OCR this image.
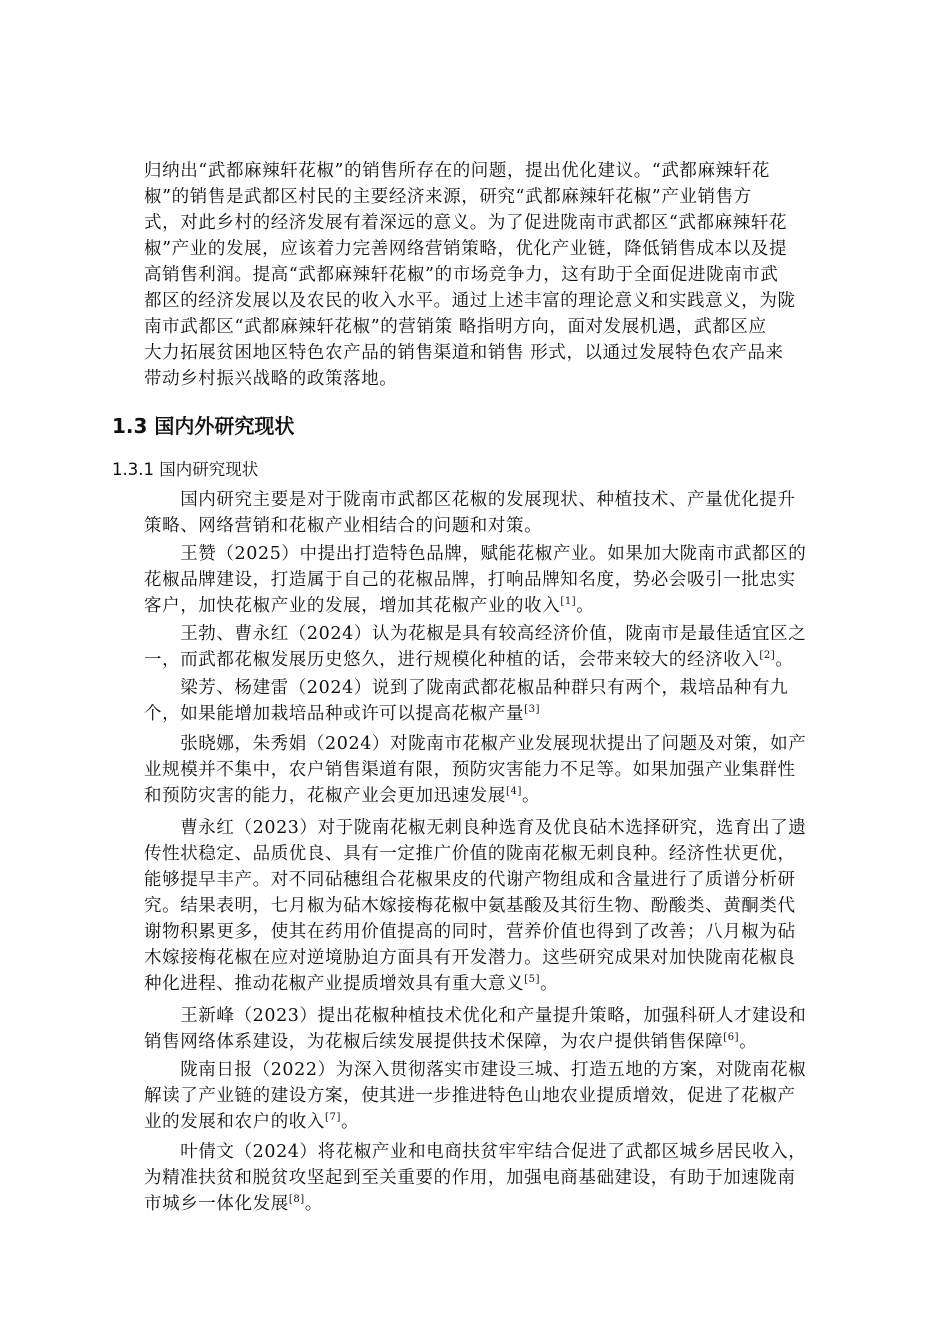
归纳出“武都麻辣轩花椒”的销售所存在的问题，提出优化建议。“武都麻辣轩花
椒”的销售是武都区村民的主要经济来源，研究“武都麻辣轩花椒”产业销售方
式，对此乡村的经济发展有着深远的意义。为了促进陇南市武都区“武都麻辣轩花
椒”产业的发展，应该着力完善网络营销策略，优化产业链，降低销售成本以及提
高销售利润。提高“武都麻辣轩花椒”的市场竞争力，这有助于全面促进陇南市武
都区的经济发展以及农民的收入水平。通过上述丰富的理论意义和实践意义，为陇
南市武都区“武都麻辣轩花椒”的营销策 略指明方向，面对发展机遇，武都区应
大力拓展贫困地区特色农产品的销售渠道和销售 形式，以通过发展特色农产品来
带动乡村振兴战略的政策落地。
1.3 国内外研究现状
1.3.1 国内研究现状
　　国内研究主要是对于陇南市武都区花椒的发展现状、种植技术、产量优化提升
策略、网络营销和花椒产业相结合的问题和对策。
　　王赞（2025）中提出打造特色品牌，赋能花椒产业。如果加大陇南市武都区的
花椒品牌建设，打造属于自己的花椒品牌，打响品牌知名度，势必会吸引一批忠实
客户，加快花椒产业的发展，增加其花椒产业的收入[1]。
　　王勃、曹永红（2024）认为花椒是具有较高经济价值，陇南市是最佳适宜区之
一，而武都花椒发展历史悠久，进行规模化种植的话，会带来较大的经济收入[2]。
　　梁芳、杨建雷（2024）说到了陇南武都花椒品种群只有两个，栽培品种有九
个，如果能增加栽培品种或许可以提高花椒产量[3]
　　张晓娜，朱秀娟（2024）对陇南市花椒产业发展现状提出了问题及对策，如产
业规模并不集中，农户销售渠道有限，预防灾害能力不足等。如果加强产业集群性
和预防灾害的能力，花椒产业会更加迅速发展[4]。
　　曹永红（2023）对于陇南花椒无刺良种选育及优良砧木选择研究，选育出了遗
传性状稳定、品质优良、具有一定推广价值的陇南花椒无刺良种。经济性状更优，
能够提早丰产。对不同砧穗组合花椒果皮的代谢产物组成和含量进行了质谱分析研
究。结果表明，七月椒为砧木嫁接梅花椒中氨基酸及其衍生物、酚酸类、黄酮类代
谢物积累更多，使其在药用价值提高的同时，营养价值也得到了改善；八月椒为砧
木嫁接梅花椒在应对逆境胁迫方面具有开发潜力。这些研究成果对加快陇南花椒良
种化进程、推动花椒产业提质增效具有重大意义[5]。
　　王新峰（2023）提出花椒种植技术优化和产量提升策略，加强科研人才建设和
销售网络体系建设，为花椒后续发展提供技术保障，为农户提供销售保障[6]。
　　陇南日报（2022）为深入贯彻落实市建设三城、打造五地的方案，对陇南花椒
解读了产业链的建设方案，使其进一步推进特色山地农业提质增效，促进了花椒产
业的发展和农户的收入[7]。
　　叶倩文（2024）将花椒产业和电商扶贫牢牢结合促进了武都区城乡居民收入，
为精准扶贫和脱贫攻坚起到至关重要的作用，加强电商基础建设，有助于加速陇南
市城乡一体化发展[8]。
